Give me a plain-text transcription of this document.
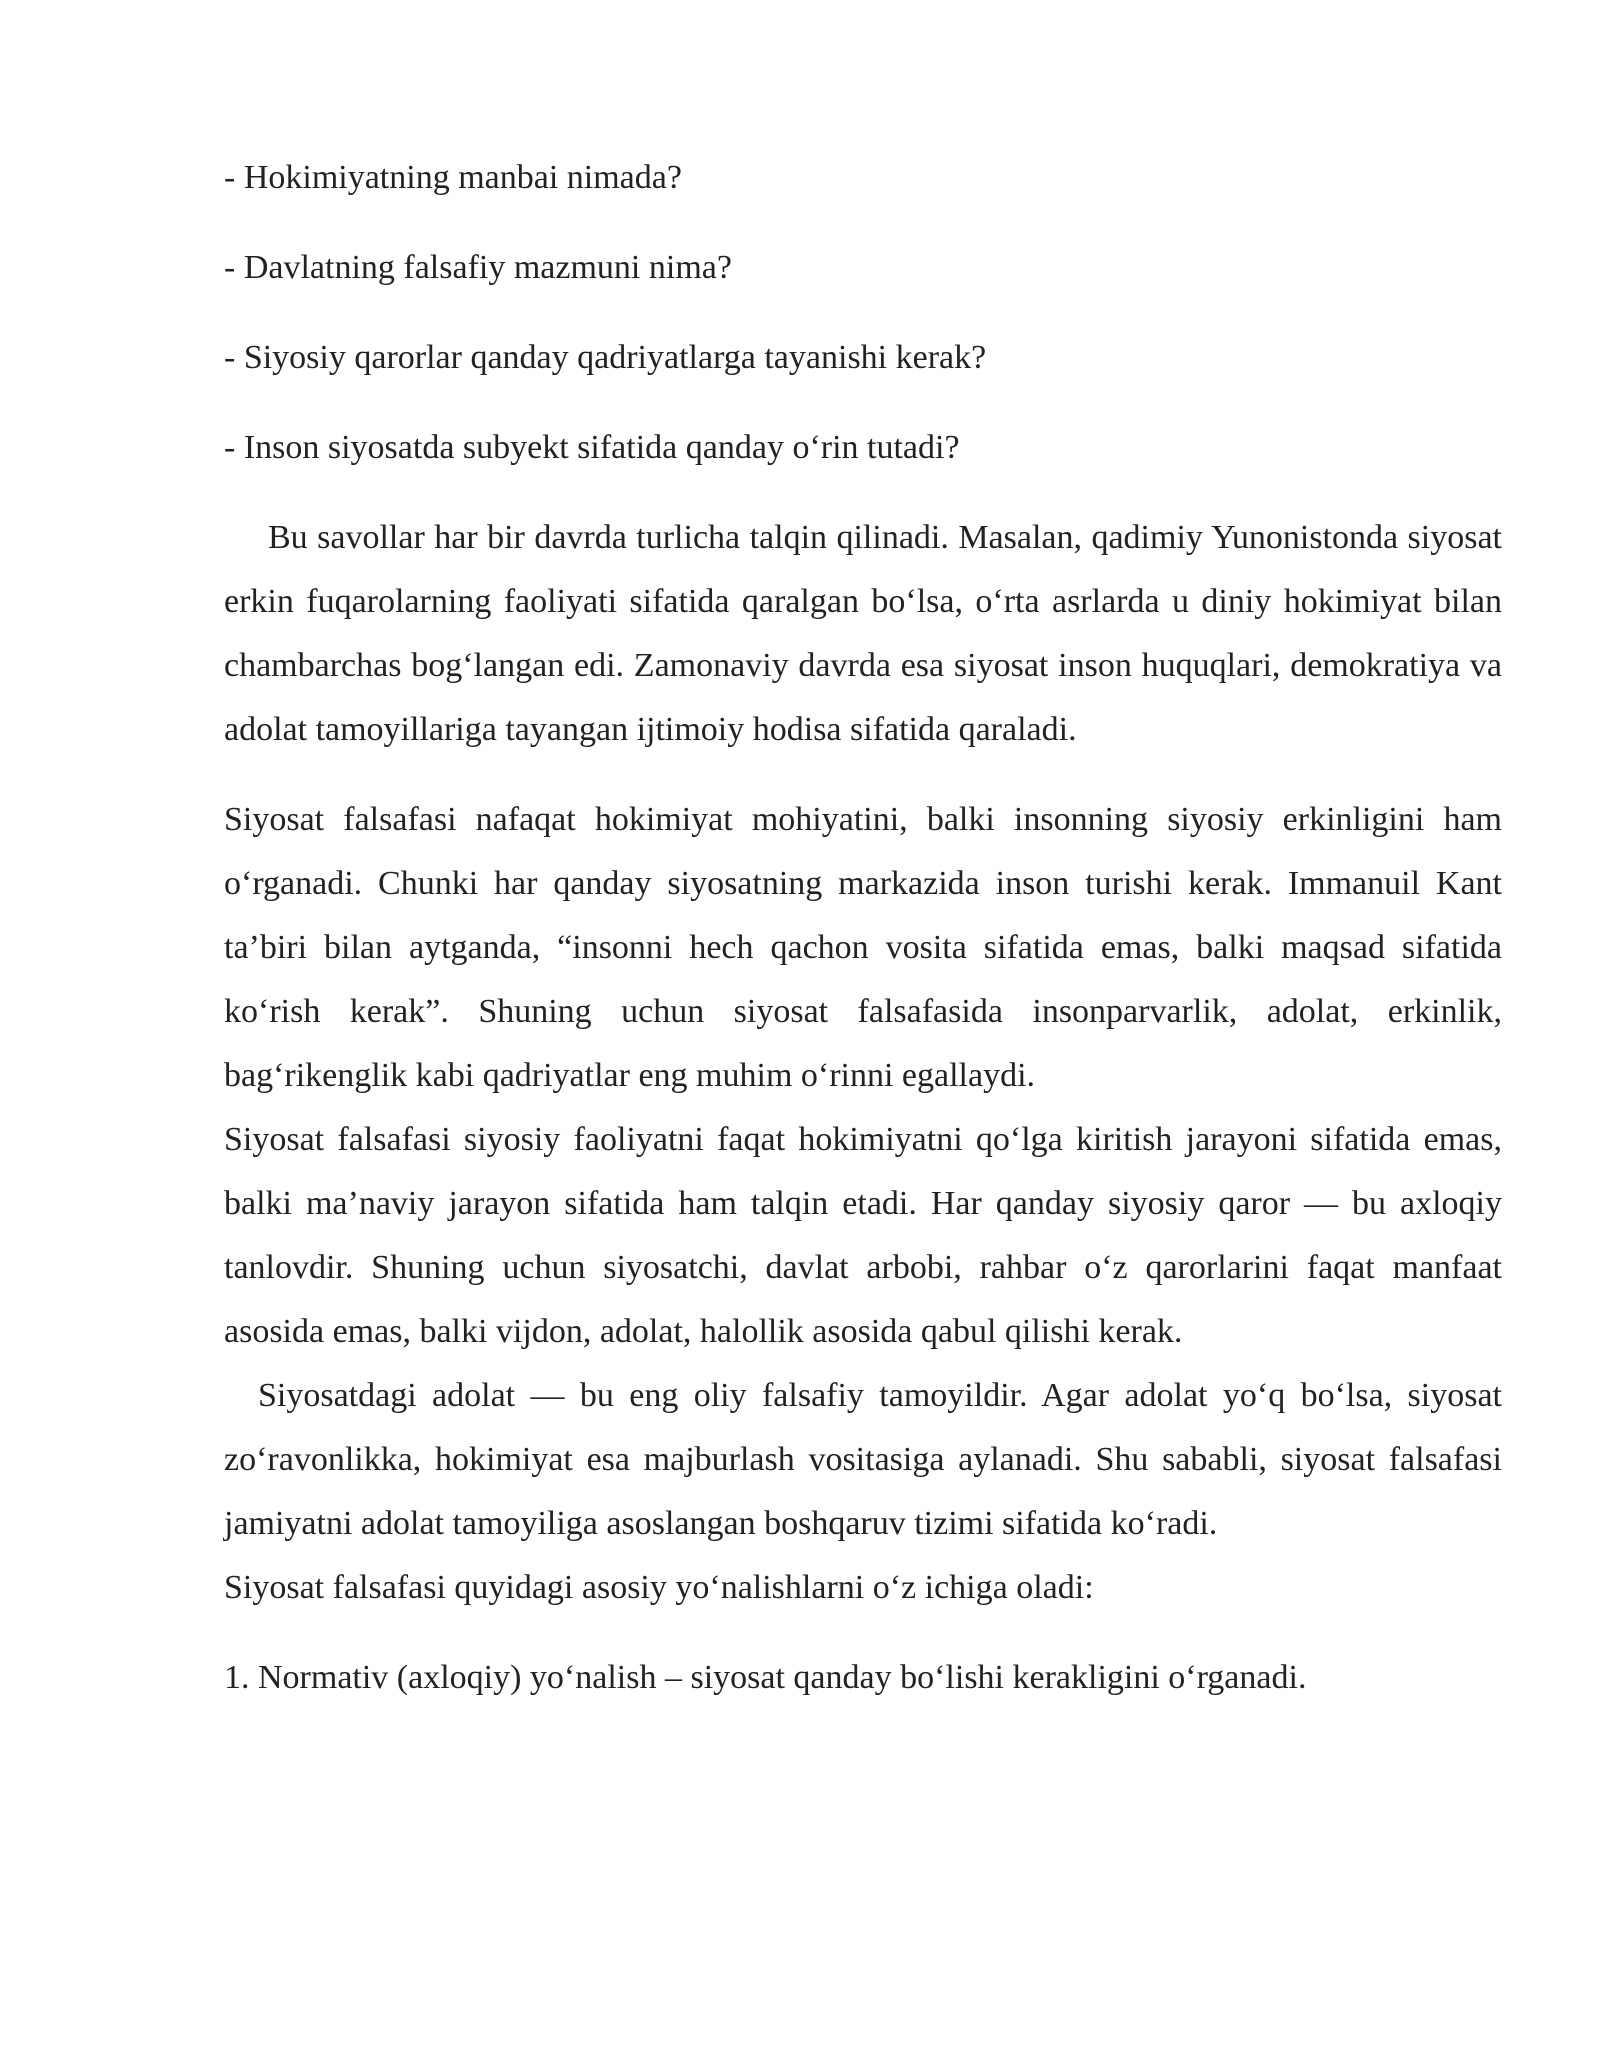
- Hokimiyatning manbai nimada?

- Davlatning falsafiy mazmuni nima?

- Siyosiy qarorlar qanday qadriyatlarga tayanishi kerak?

- Inson siyosatda subyekt sifatida qanday o‘rin tutadi?

Bu savollar har bir davrda turlicha talqin qilinadi. Masalan, qadimiy Yunonistonda siyosat erkin fuqarolarning faoliyati sifatida qaralgan bo‘lsa, o‘rta asrlarda u diniy hokimiyat bilan chambarchas bog‘langan edi. Zamonaviy davrda esa siyosat inson huquqlari, demokratiya va adolat tamoyillariga tayangan ijtimoiy hodisa sifatida qaraladi.

Siyosat falsafasi nafaqat hokimiyat mohiyatini, balki insonning siyosiy erkinligini ham o‘rganadi. Chunki har qanday siyosatning markazida inson turishi kerak. Immanuil Kant ta’biri bilan aytganda, “insonni hech qachon vosita sifatida emas, balki maqsad sifatida ko‘rish kerak”. Shuning uchun siyosat falsafasida insonparvarlik, adolat, erkinlik, bag‘rikenglik kabi qadriyatlar eng muhim o‘rinni egallaydi.

Siyosat falsafasi siyosiy faoliyatni faqat hokimiyatni qo‘lga kiritish jarayoni sifatida emas, balki ma’naviy jarayon sifatida ham talqin etadi. Har qanday siyosiy qaror — bu axloqiy tanlovdir. Shuning uchun siyosatchi, davlat arbobi, rahbar o‘z qarorlarini faqat manfaat asosida emas, balki vijdon, adolat, halollik asosida qabul qilishi kerak.

Siyosatdagi adolat — bu eng oliy falsafiy tamoyildir. Agar adolat yo‘q bo‘lsa, siyosat zo‘ravonlikka, hokimiyat esa majburlash vositasiga aylanadi. Shu sababli, siyosat falsafasi jamiyatni adolat tamoyiliga asoslangan boshqaruv tizimi sifatida ko‘radi.

Siyosat falsafasi quyidagi asosiy yo‘nalishlarni o‘z ichiga oladi:

1. Normativ (axloqiy) yo‘nalish – siyosat qanday bo‘lishi kerakligini o‘rganadi.
